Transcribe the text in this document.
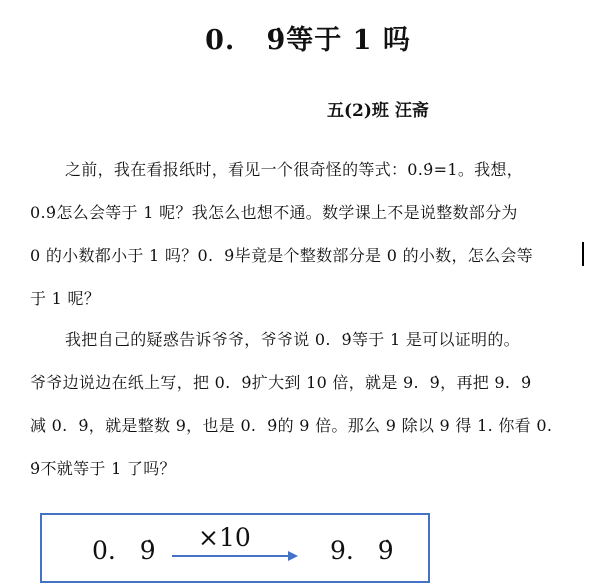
0.   9̇等于 1 吗
五(2)班 汪斋
之前，我在看报纸时，看见一个很奇怪的等式：0.9̇=1。我想，
0.9̇怎么会等于 1 呢？我怎么也想不通。数学课上不是说整数部分为
0 的小数都小于 1 吗？0.  9̇毕竟是个整数部分是 0 的小数，怎么会等
于 1 呢？
我把自己的疑惑告诉爷爷，爷爷说 0.  9̇等于 1 是可以证明的。
爷爷边说边在纸上写，把 0.  9̇扩大到 10 倍，就是 9.  9̇，再把 9.  9̇
减 0.  9̇，就是整数 9，也是 0.  9̇的 9 倍。那么 9 除以 9 得 1. 你看 0.
9̇不就等于 1 了吗？
0.   9̇ ×10	9.   9̇
